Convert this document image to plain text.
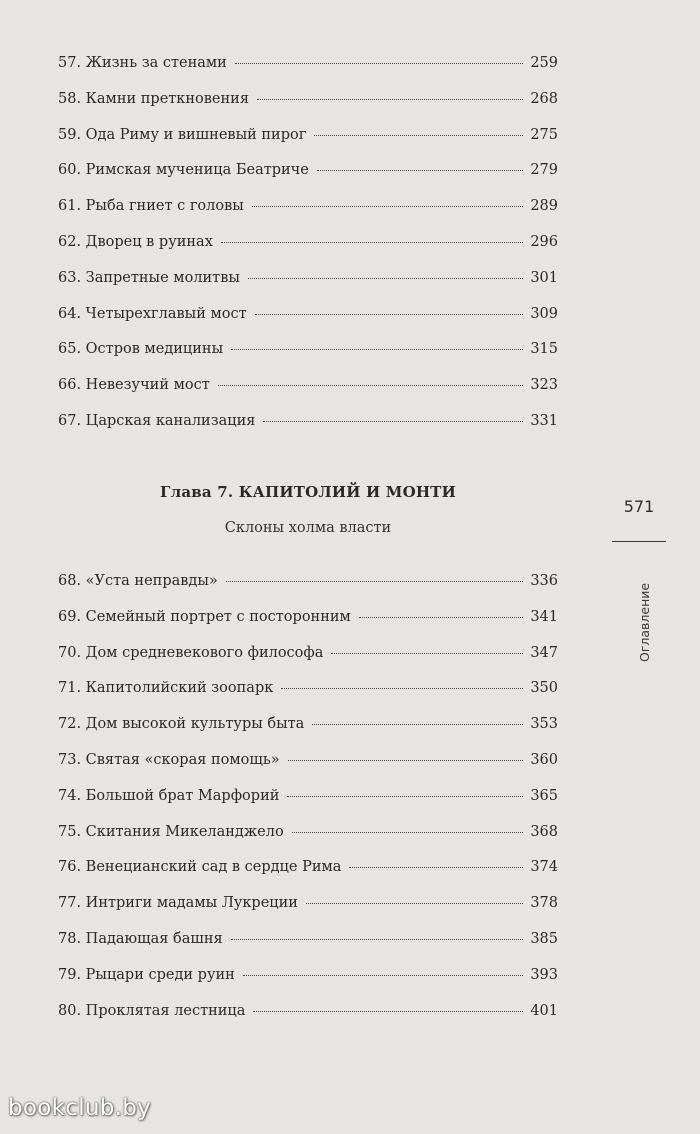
57. Жизнь за стенами	259
58. Камни преткновения	268
59. Ода Риму и вишневый пирог	275
60. Римская мученица Беатриче	279
61. Рыба гниет с головы	289
62. Дворец в руинах	296
63. Запретные молитвы	301
64. Четырехглавый мост	309
65. Остров медицины	315
66. Невезучий мост	323
67. Царская канализация	331
Глава 7. КАПИТОЛИЙ И МОНТИ
Склоны холма власти
68. «Уста неправды»	336
69. Семейный портрет с посторонним	341
70. Дом средневекового философа	347
71. Капитолийский зоопарк	350
72. Дом высокой культуры быта	353
73. Святая «скорая помощь»	360
74. Большой брат Марфорий	365
75. Скитания Микеланджело	368
76. Венецианский сад в сердце Рима	374
77. Интриги мадамы Лукреции	378
78. Падающая башня	385
79. Рыцари среди руин	393
80. Проклятая лестница	401
571
Оглавление
bookclub.by
